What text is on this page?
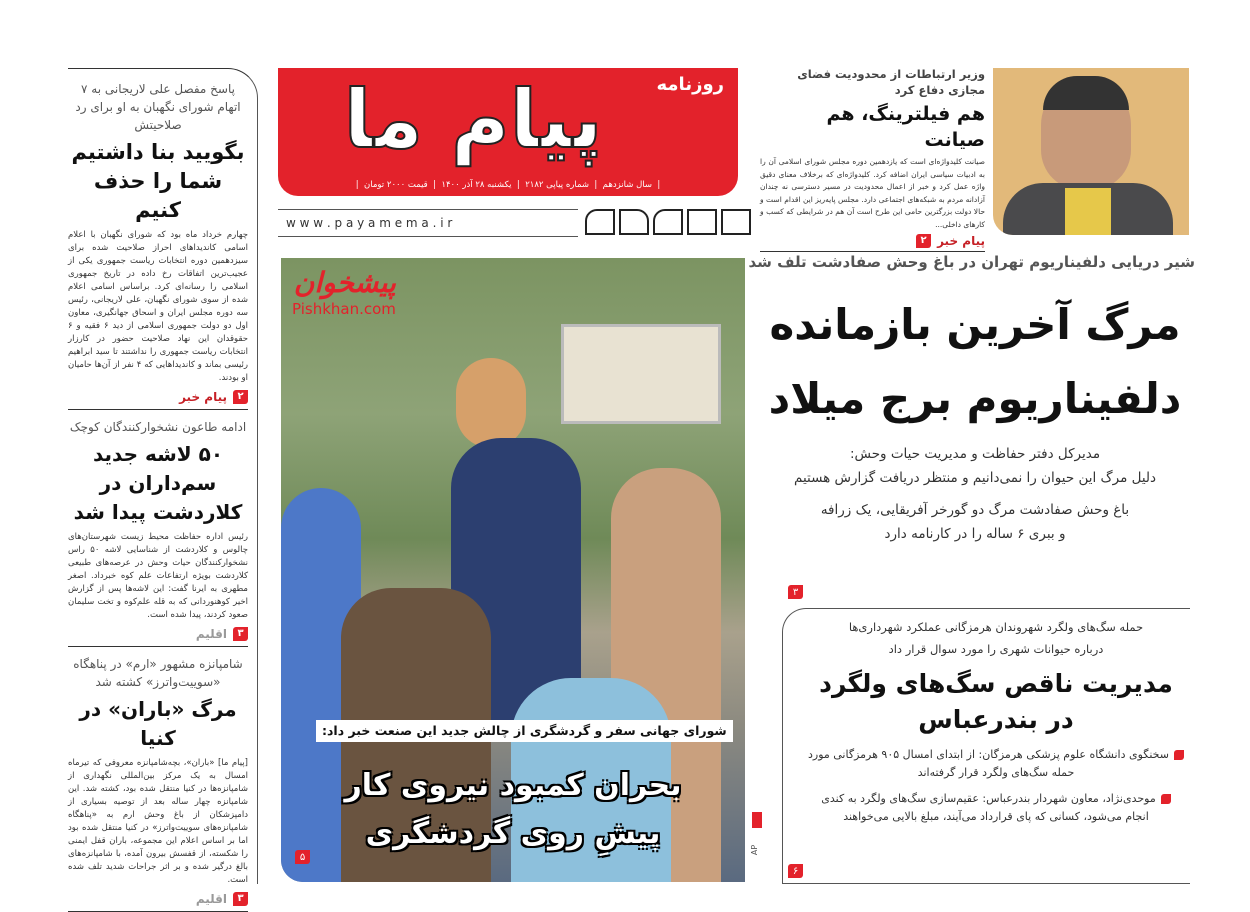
پاسخ مفصل علی لاریجانی به ۷ اتهام شورای نگهبان به او برای رد صلاحیتش
بگویید بنا داشتیم شما را حذف کنیم
چهارم خرداد ماه بود که شورای نگهبان با اعلام اسامی کاندیداهای احراز صلاحیت شده برای سیزدهمین دوره انتخابات ریاست جمهوری یکی از عجیب‌ترین اتفاقات رخ داده در تاریخ جمهوری اسلامی را رسانه‌ای کرد. براساس اسامی اعلام شده از سوی شورای نگهبان، علی لاریجانی، رئیس سه دوره مجلس ایران و اسحاق جهانگیری، معاون اول دو دولت جمهوری اسلامی از دید ۶ فقیه و ۶ حقوقدان این نهاد صلاحیت حضور در کارزار انتخابات ریاست جمهوری را نداشتند تا سید ابراهیم رئیسی بماند و کاندیداهایی که ۴ نفر از آن‌ها حامیان او بودند.
۲
پیام خبر
ادامه طاعون نشخوارکنندگان کوچک
۵۰ لاشه جدید سم‌داران در کلاردشت پیدا شد
رئیس اداره حفاظت محیط زیست شهرستان‌های چالوس و کلاردشت از شناسایی لاشه ۵۰ راس نشخوارکنندگان حیات وحش در عرصه‌های طبیعی کلاردشت بویژه ارتفاعات علم کوه خبرداد. اصغر مطهری به ایرنا گفت: این لاشه‌ها پس از گزارش اخیر کوهنوردانی که به قله علم‌کوه و تخت سلیمان صعود کردند، پیدا شده است.
۳
اقلیم
شامپانزه مشهور «ارم» در پناهگاه «سوییت‌واترز» کشته شد
مرگ «باران» در کنیا
[پیام ما] «باران»، بچه‌شامپانزه معروفی که تیرماه امسال به یک مرکز بین‌المللی نگهداری از شامپانزه‌ها در کنیا منتقل شده بود، کشته شد. این شامپانزه چهار ساله بعد از توصیه بسیاری از دامپزشکان از باغ وحش ارم به «پناهگاه شامپانزه‌های سوییت‌واترز» در کنیا منتقل شده بود اما بر اساس اعلام این مجموعه، باران قفل ایمنی را شکسته، از قفسش بیرون آمده، با شامپانزه‌های بالغ درگیر شده و بر اثر جراحات شدید تلف شده است.
۳
اقلیم
روزنامه
پیام ما
|  سال شانزدهم  |  شماره پیاپی ۲۱۸۲  |  یکشنبه ۲۸ آذر ۱۴۰۰  |  قیمت ۲۰۰۰ تومان  |
w w w . p a y a m e m a . i r
وزیر ارتباطات از محدودیت فضای مجازی دفاع کرد
هم فیلترینگ، هم صیانت
صیانت کلیدواژه‌ای است که یازدهمین دوره مجلس شورای اسلامی آن را به ادبیات سیاسی ایران اضافه کرد. کلیدواژه‌ای که برخلاف معنای دقیق واژه عمل کرد و خبر از اعمال محدودیت در مسیر دسترسی نه چندان آزادانه مردم به شبکه‌های اجتماعی دارد. مجلس پایه‌ریز این اقدام است و حالا دولت بزرگترین حامی این طرح است آن هم در شرایطی که کسب و کارهای داخلی...
پیام خبر
۲
شیر دریایی دلفیناریوم تهران در باغ وحش صفادشت تلف شد
مرگ آخرین بازمانده
دلفیناریوم برج میلاد
مدیرکل دفتر حفاظت و مدیریت حیات وحش:
دلیل مرگ این حیوان را نمی‌دانیم و منتظر دریافت گزارش هستیم
باغ وحش صفادشت مرگ دو گورخر آفریقایی، یک زرافه
و ببری ۶ ساله را در کارنامه دارد
۳
حمله سگ‌های ولگرد شهروندان هرمزگانی عملکرد شهرداری‌ها
درباره حیوانات شهری را مورد سوال قرار داد
مدیریت ناقص سگ‌های ولگرد
در بندرعباس
سخنگوی دانشگاه علوم پزشکی هرمزگان: از ابتدای امسال ۹۰۵ هرمزگانی مورد حمله سگ‌های ولگرد قرار گرفته‌اند
موحدی‌نژاد، معاون شهردار بندرعباس: عقیم‌سازی سگ‌های ولگرد به کندی انجام می‌شود، کسانی که پای قرارداد می‌آیند، مبلغ بالایی می‌خواهند
۶
پیشخوان
Pishkhan.com
شورای جهانی سفر و گردشگری از چالش جدید این صنعت خبر داد:
بحران کمبود نیروی کار
پیشِ روی گردشگری
۵
AP
